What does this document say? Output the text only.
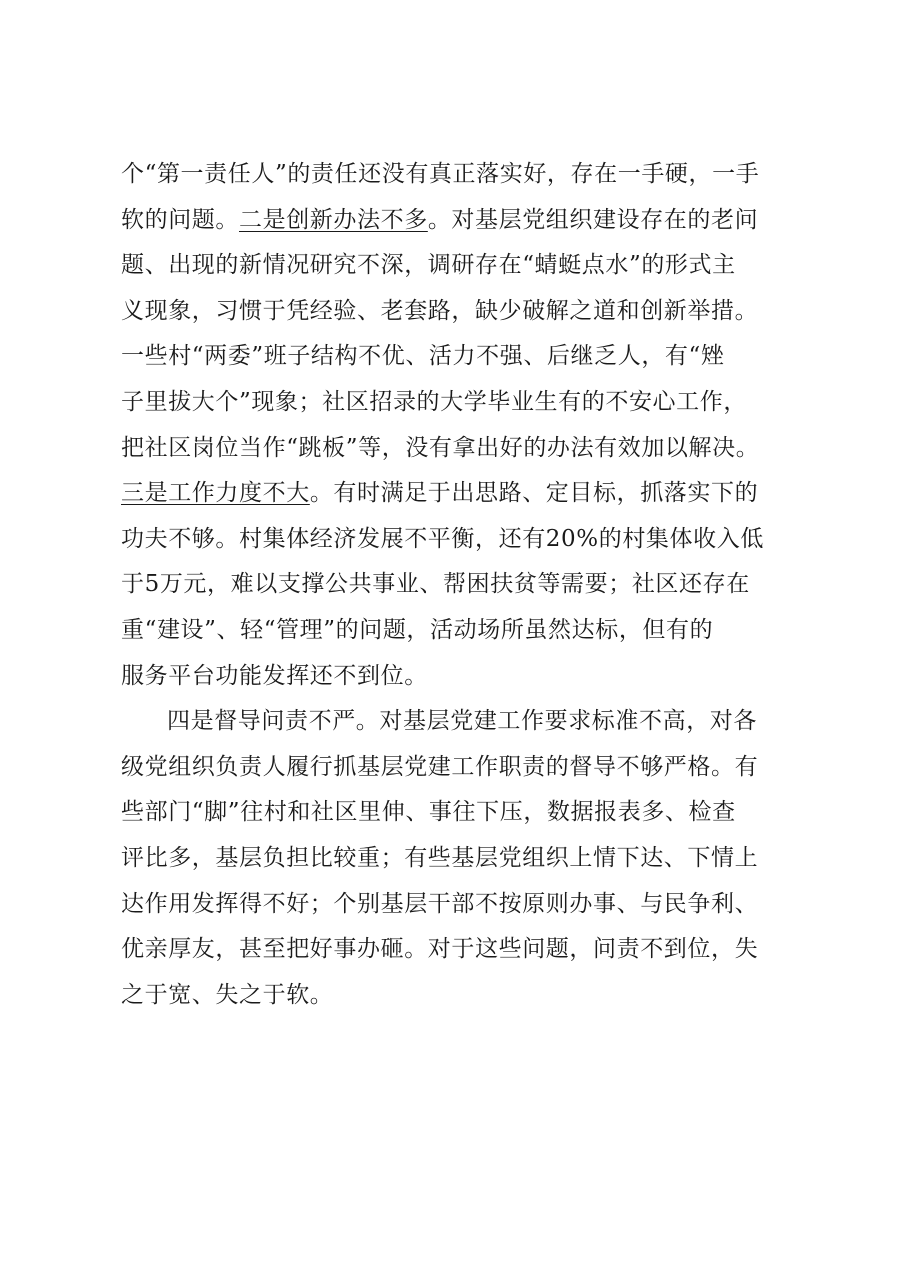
个“第一责任人”的责任还没有真正落实好，存在一手硬，一手
软的问题。二是创新办法不多。对基层党组织建设存在的老问
题、出现的新情况研究不深，调研存在“蜻蜓点水”的形式主
义现象，习惯于凭经验、老套路，缺少破解之道和创新举措。
一些村“两委”班子结构不优、活力不强、后继乏人，有“矬
子里拔大个”现象；社区招录的大学毕业生有的不安心工作，
把社区岗位当作“跳板”等，没有拿出好的办法有效加以解决。
三是工作力度不大。有时满足于出思路、定目标，抓落实下的
功夫不够。村集体经济发展不平衡，还有20%的村集体收入低
于5万元，难以支撑公共事业、帮困扶贫等需要；社区还存在
重“建设”、轻“管理”的问题，活动场所虽然达标，但有的
服务平台功能发挥还不到位。
四是督导问责不严。对基层党建工作要求标准不高，对各
级党组织负责人履行抓基层党建工作职责的督导不够严格。有
些部门“脚”往村和社区里伸、事往下压，数据报表多、检查
评比多，基层负担比较重；有些基层党组织上情下达、下情上
达作用发挥得不好；个别基层干部不按原则办事、与民争利、
优亲厚友，甚至把好事办砸。对于这些问题，问责不到位，失
之于宽、失之于软。
